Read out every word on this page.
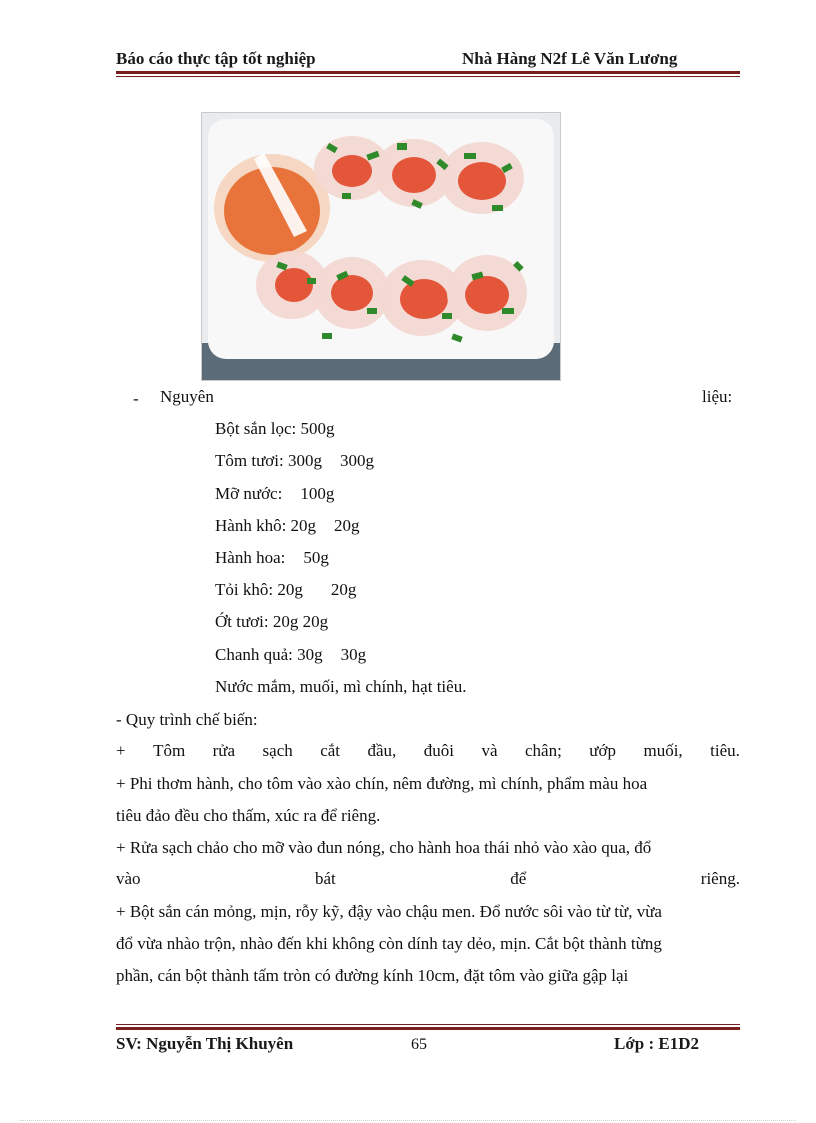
Báo cáo thực tập tốt nghiệp	Nhà Hàng N2f Lê Văn Lương
- Nguyên	liệu:
Bột sắn lọc: 500g
Tôm tươi: 300g 300g
Mỡ nước: 100g
Hành khô: 20g 20g
Hành hoa: 50g
Tỏi khô: 20g 20g
Ớt tươi: 20g 20g
Chanh quả: 30g 30g
Nước mắm, muối, mì chính, hạt tiêu.
- Quy trình chế biến:
+ Tôm rửa sạch cắt đầu, đuôi và chân; ướp muối, tiêu.
+ Phi thơm hành, cho tôm vào xào chín, nêm đường, mì chính, phẩm màu hoa
tiêu đảo đều cho thấm, xúc ra để riêng.
+ Rửa sạch chảo cho mỡ vào đun nóng, cho hành hoa thái nhỏ vào xào qua, đổ
vào	bát	để	riêng.
+ Bột sắn cán mỏng, mịn, rỗy kỹ, đậy vào chậu men. Đổ nước sôi vào từ từ, vừa
đổ vừa nhào trộn, nhào đến khi không còn dính tay dẻo, mịn. Cắt bột thành từng
phần, cán bột thành tấm tròn có đường kính 10cm, đặt tôm vào giữa gập lại
SV: Nguyễn Thị Khuyên	65	Lớp : E1D2
